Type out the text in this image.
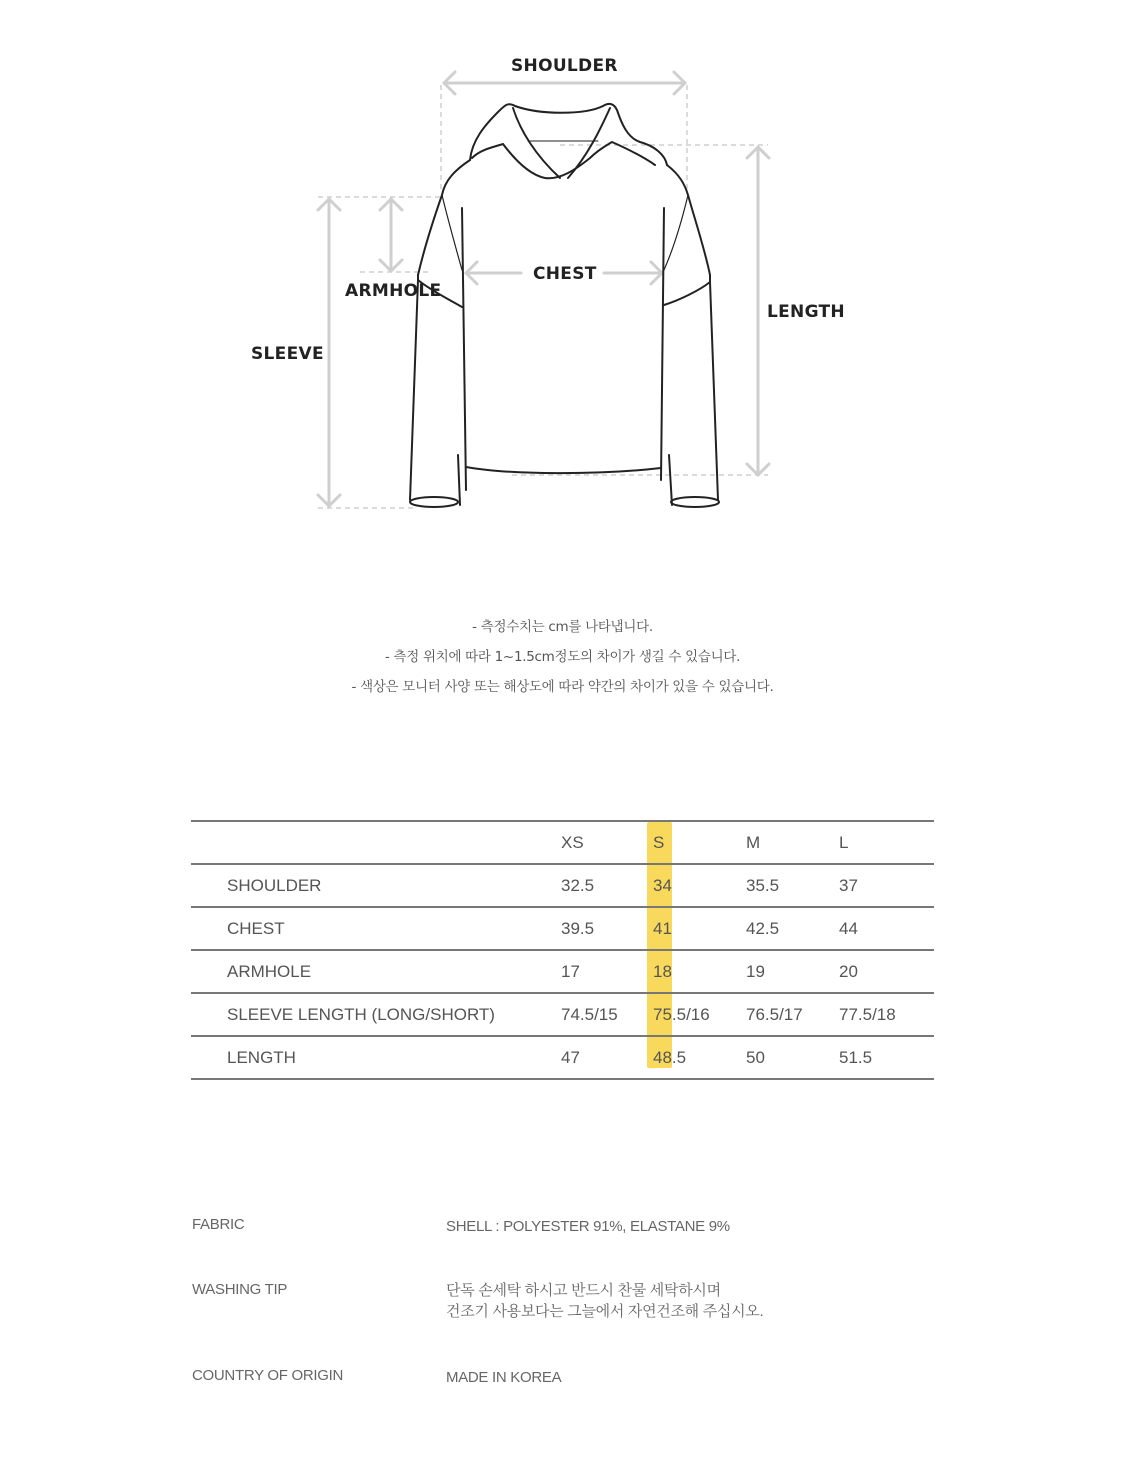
SHOULDER
CHEST
ARMHOLE
SLEEVE
LENGTH
- 측정수치는 cm를 나타냅니다.
- 측정 위치에 따라 1~1.5cm정도의 차이가 생길 수 있습니다.
- 색상은 모니터 사양 또는 해상도에 따라 약간의 차이가 있을 수 있습니다.
	XS	S	M	L
SHOULDER	32.5	34	35.5	37
CHEST	39.5	41	42.5	44
ARMHOLE	17	18	19	20
SLEEVE LENGTH (LONG/SHORT)	74.5/15	75.5/16	76.5/17	77.5/18
LENGTH	47	48.5	50	51.5
FABRIC	SHELL : POLYESTER 91%, ELASTANE 9%
WASHING TIP	단독 손세탁 하시고 반드시 찬물 세탁하시며
건조기 사용보다는 그늘에서 자연건조해 주십시오.
COUNTRY OF ORIGIN	MADE IN KOREA
